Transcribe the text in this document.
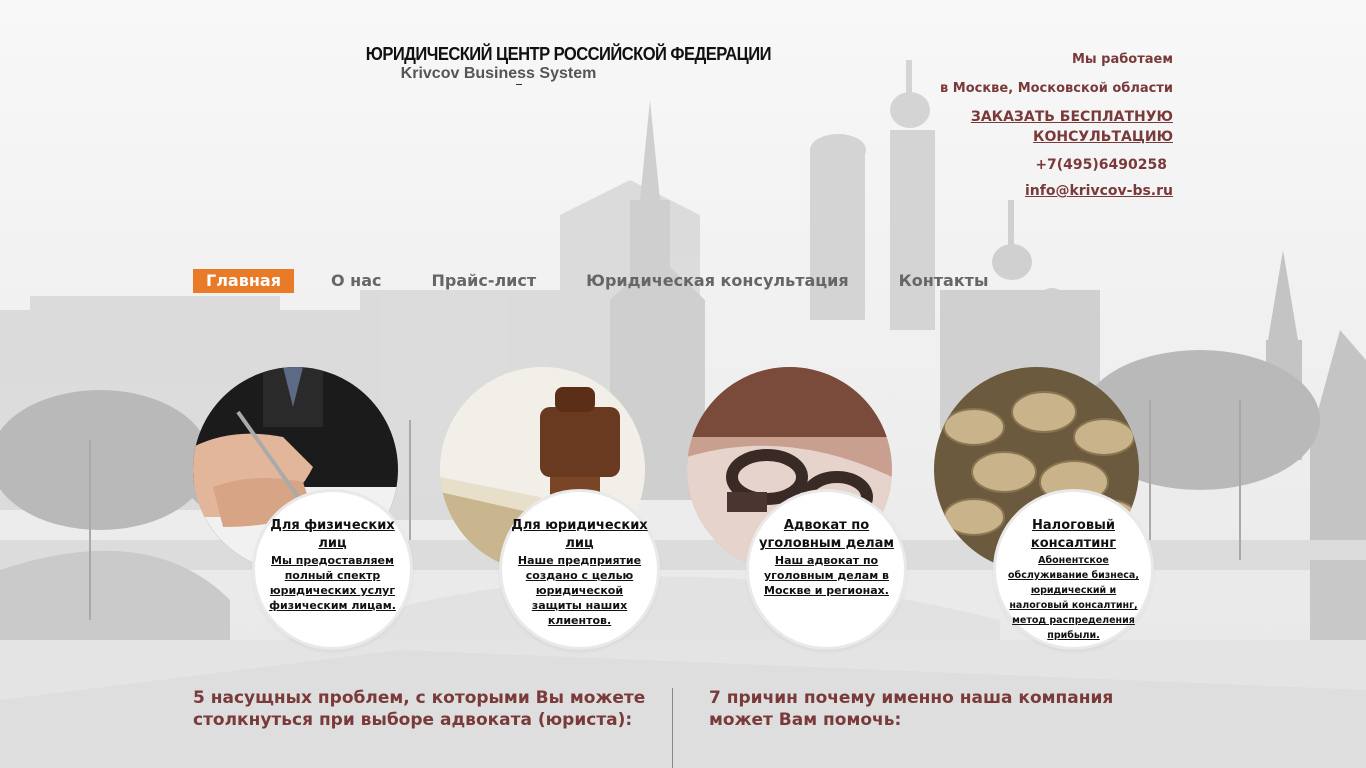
ЮРИДИЧЕСКИЙ ЦЕНТР РОССИЙСКОЙ ФЕДЕРАЦИИ
Krivcov Business System
Мы работаем
в Москве, Московской области
ЗАКАЗАТЬ БЕСПЛАТНУЮ КОНСУЛЬТАЦИЮ
+7(495)6490258
info@krivcov-bs.ru
Главная	О нас	Прайс-лист	Юридическая консультация	Контакты
Для физических лиц
Мы предоставляем полный спектр юридических услуг физическим лицам.
Для юридических лиц
Наше предприятие создано с целью юридической защиты наших клиентов.
Адвокат по уголовным делам
Наш адвокат по уголовным делам в Москве и регионах.
Налоговый консалтинг
Абонентское обслуживание бизнеса, юридический и налоговый консалтинг, метод распределения прибыли.
5 насущных проблем, с которыми Вы можете столкнуться при выборе адвоката (юриста):
7 причин почему именно наша компания может Вам помочь:
